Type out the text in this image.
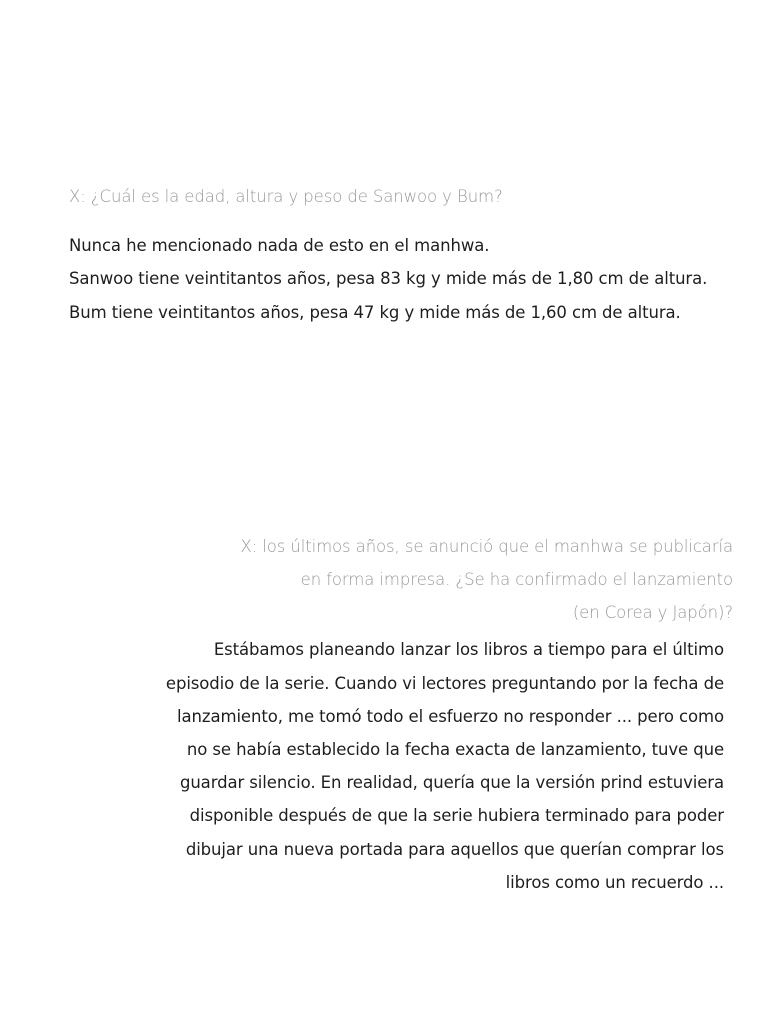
X: ¿Cuál es la edad, altura y peso de Sanwoo y Bum?
Nunca he mencionado nada de esto en el manhwa.
Sanwoo tiene veintitantos años, pesa 83 kg y mide más de 1,80 cm de altura.
Bum tiene veintitantos años, pesa 47 kg y mide más de 1,60 cm de altura.
X: los últimos años, se anunció que el manhwa se publicaría
en forma impresa. ¿Se ha confirmado el lanzamiento
(en Corea y Japón)?
Estábamos planeando lanzar los libros a tiempo para el último
episodio de la serie. Cuando vi lectores preguntando por la fecha de
lanzamiento, me tomó todo el esfuerzo no responder ... pero como
no se había establecido la fecha exacta de lanzamiento, tuve que
guardar silencio. En realidad, quería que la versión prind estuviera
disponible después de que la serie hubiera terminado para poder
dibujar una nueva portada para aquellos que querían comprar los
libros como un recuerdo ...
